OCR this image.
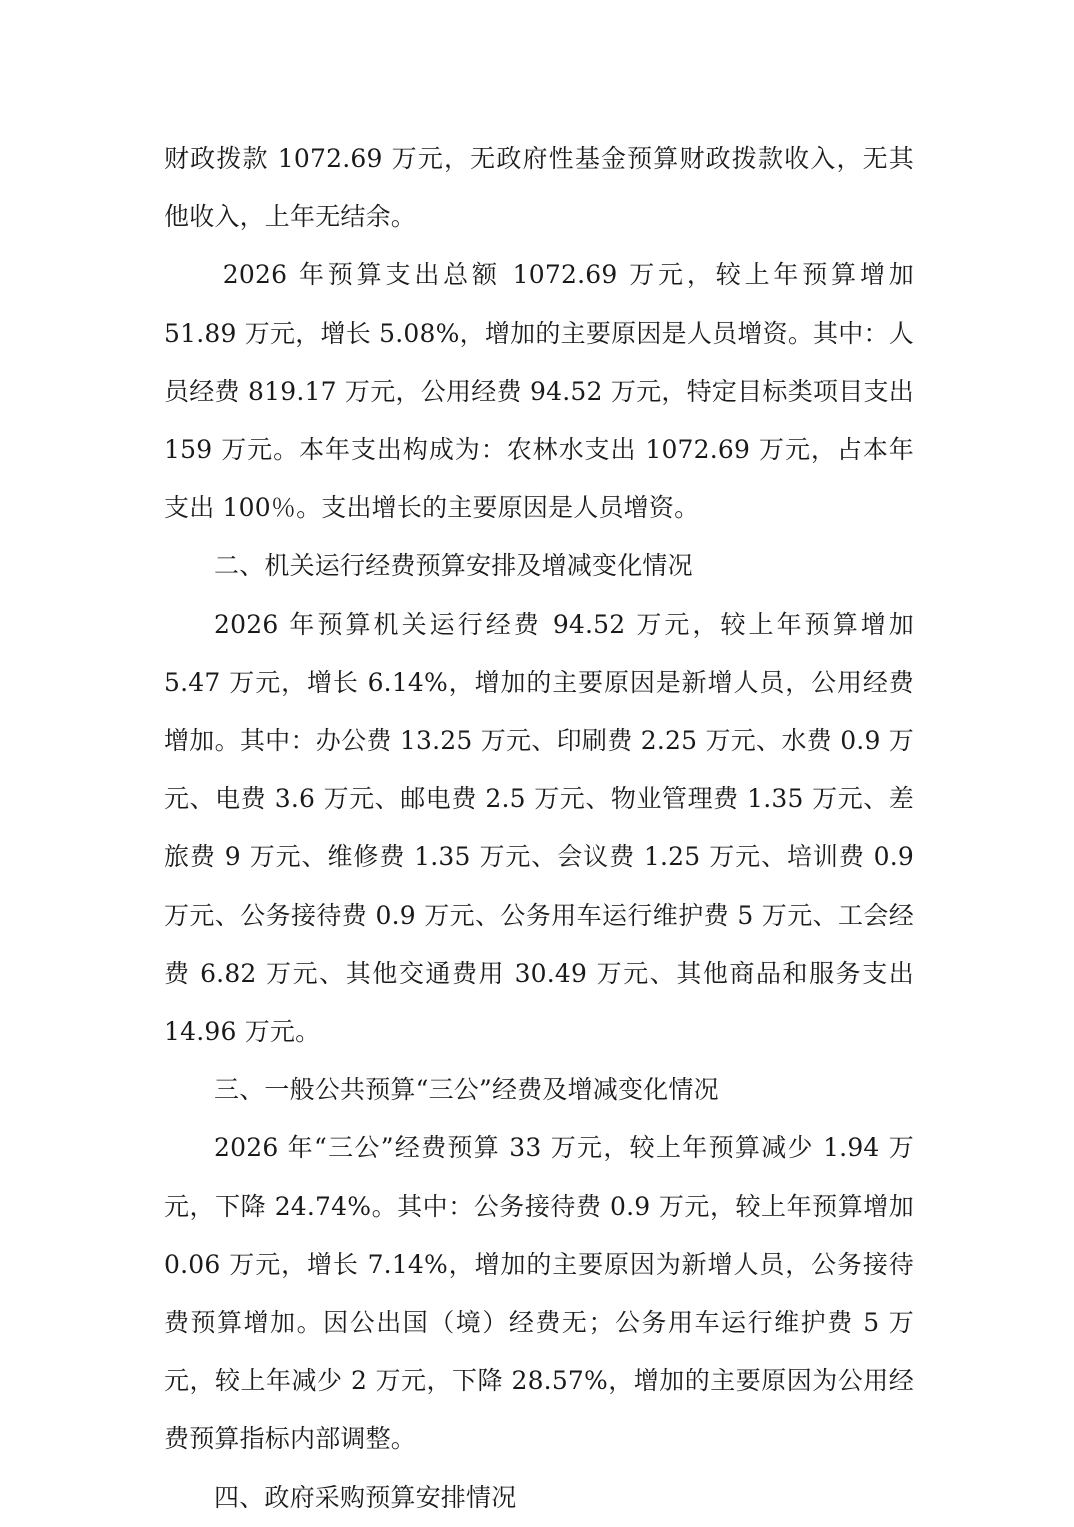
财政拨款 1072.69 万元，无政府性基金预算财政拨款收入，无其他收入，上年无结余。

2026 年预算支出总额 1072.69 万元，较上年预算增加 51.89 万元，增长 5.08%，增加的主要原因是人员增资。其中：人员经费 819.17 万元，公用经费 94.52 万元，特定目标类项目支出 159 万元。本年支出构成为：农林水支出 1072.69 万元，占本年支出 100％。支出增长的主要原因是人员增资。

二、机关运行经费预算安排及增减变化情况

2026 年预算机关运行经费 94.52 万元，较上年预算增加 5.47 万元，增长 6.14%，增加的主要原因是新增人员，公用经费增加。其中：办公费 13.25 万元、印刷费 2.25 万元、水费 0.9 万元、电费 3.6 万元、邮电费 2.5 万元、物业管理费 1.35 万元、差旅费 9 万元、维修费 1.35 万元、会议费 1.25 万元、培训费 0.9 万元、公务接待费 0.9 万元、公务用车运行维护费 5 万元、工会经费 6.82 万元、其他交通费用 30.49 万元、其他商品和服务支出 14.96 万元。

三、一般公共预算“三公”经费及增减变化情况

2026 年“三公”经费预算 33 万元，较上年预算减少 1.94 万元，下降 24.74%。其中：公务接待费 0.9 万元，较上年预算增加 0.06 万元，增长 7.14%，增加的主要原因为新增人员，公务接待费预算增加。因公出国（境）经费无；公务用车运行维护费 5 万元，较上年减少 2 万元，下降 28.57%，增加的主要原因为公用经费预算指标内部调整。

四、政府采购预算安排情况
